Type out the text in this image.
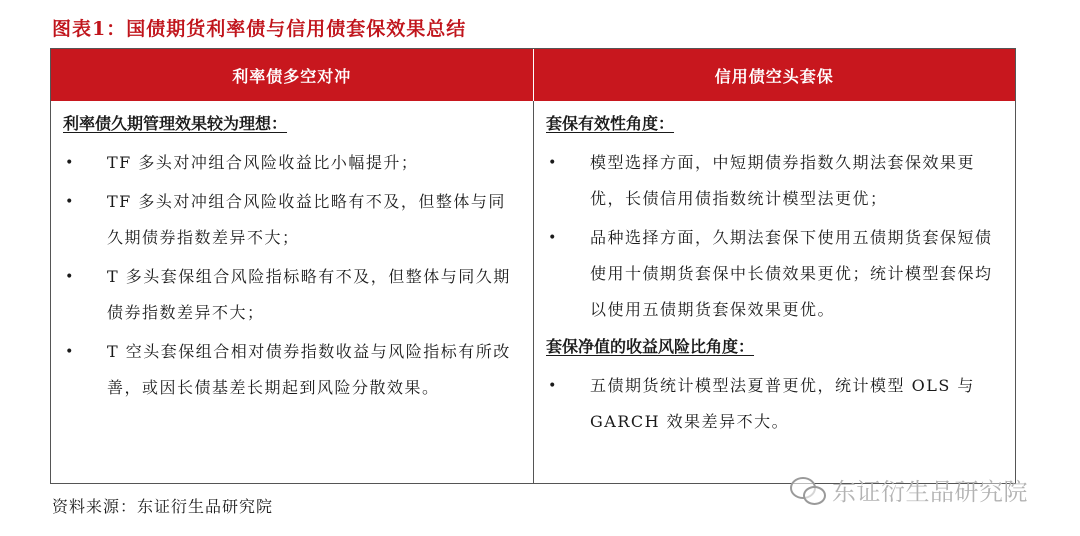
图表1：国债期货利率债与信用债套保效果总结
利率债多空对冲	信用债空头套保
利率债久期管理效果较为理想：
• TF 多头对冲组合风险收益比小幅提升；
• TF 多头对冲组合风险收益比略有不及，但整体与同久期债券指数差异不大；
• T 多头套保组合风险指标略有不及，但整体与同久期债券指数差异不大；
• T 空头套保组合相对债券指数收益与风险指标有所改善，或因长债基差长期起到风险分散效果。
套保有效性角度：
• 模型选择方面，中短期债券指数久期法套保效果更优，长债信用债指数统计模型法更优；
• 品种选择方面，久期法套保下使用五债期货套保短债使用十债期货套保中长债效果更优；统计模型套保均以使用五债期货套保效果更优。
套保净值的收益风险比角度：
• 五债期货统计模型法夏普更优，统计模型 OLS 与 GARCH 效果差异不大。
资料来源：东证衍生品研究院
东证衍生品研究院
